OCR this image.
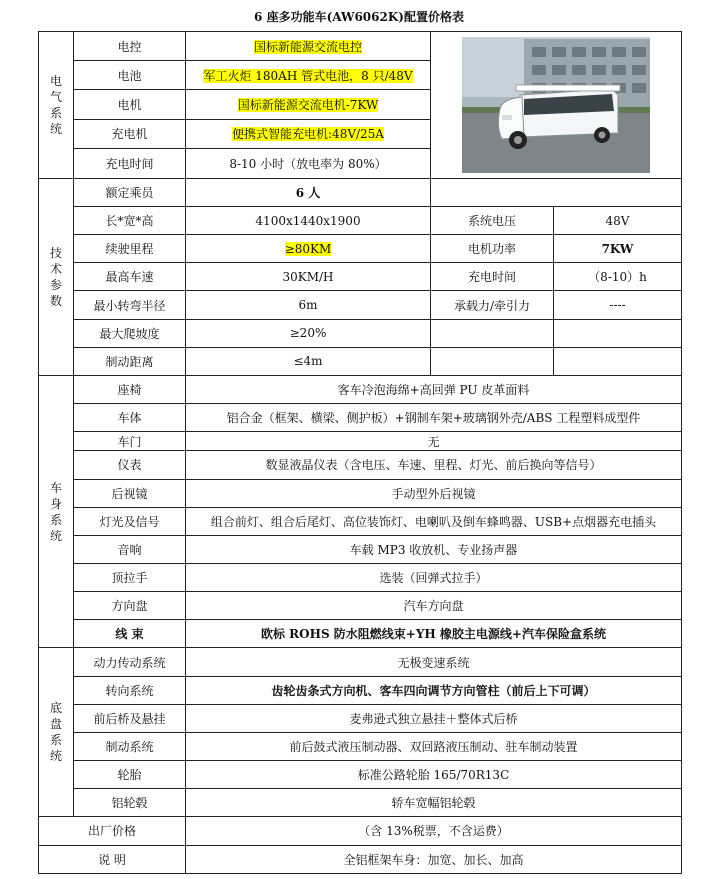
6 座多功能车(AW6062K)配置价格表
电
气
系
统	电控	国标新能源交流电控	

	电池	军工火炬 180AH 管式电池，8 只/48V		
	电机	国标新能源交流电机-7KW		
	充电机	便携式智能充电机:48V/25A		
	充电时间	8-10 小时（放电率为 80%）		

技
术
参
数	额定乘员	6 人		
	长*宽*高	4100x1440x1900	系统电压	48V
	续驶里程	≥80KM	电机功率	7KW
	最高车速	30KM/H	充电时间	（8-10）h
	最小转弯半径	6m	承载力/牵引力	----
	最大爬坡度	≥20%		
	制动距离	≤4m		

车
身
系
统	座椅	客车冷泡海绵+高回弹 PU 皮革面料		
	车体	铝合金（框架、横梁、侧护板）+钢制车架+玻璃钢外壳/ABS 工程塑料成型件		
	车门	无		
	仪表	数显液晶仪表（含电压、车速、里程、灯光、前后换向等信号）		
	后视镜	手动型外后视镜		
	灯光及信号	组合前灯、组合后尾灯、高位装饰灯、电喇叭及倒车蜂鸣器、USB+点烟器充电插头		
	音响	车载 MP3 收放机、专业扬声器		
	顶拉手	选装（回弹式拉手）		
	方向盘	汽车方向盘		
	线 束	欧标 ROHS 防水阻燃线束+YH 橡胶主电源线+汽车保险盒系统		

底
盘
系
统	动力传动系统	无极变速系统		
	转向系统	齿轮齿条式方向机、客车四向调节方向管柱（前后上下可调）		
	前后桥及悬挂	麦弗逊式独立悬挂＋整体式后桥		
	制动系统	前后鼓式液压制动器、双回路液压制动、驻车制动装置		
	轮胎	标准公路轮胎 165/70R13C		
	铝轮毂	轿车宽幅铝轮毂		
出厂价格		（含 13%税票，不含运费）		
说 明		全铝框架车身：加宽、加长、加高		
